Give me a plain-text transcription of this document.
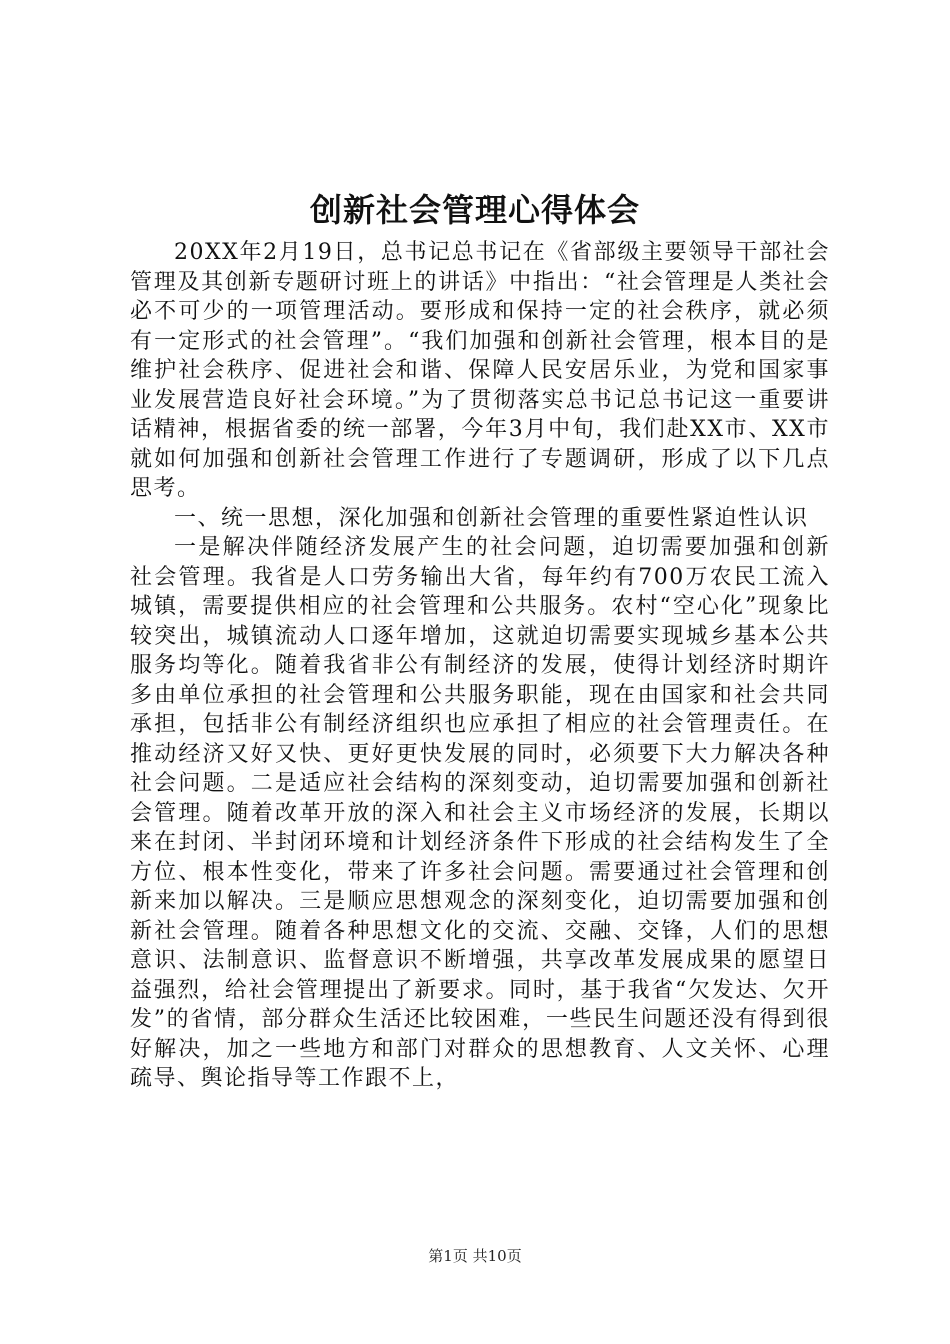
创新社会管理心得体会

20XX年2月19日，总书记总书记在《省部级主要领导干部社会管理及其创新专题研讨班上的讲话》中指出：“社会管理是人类社会必不可少的一项管理活动。要形成和保持一定的社会秩序，就必须有一定形式的社会管理”。“我们加强和创新社会管理，根本目的是维护社会秩序、促进社会和谐、保障人民安居乐业，为党和国家事业发展营造良好社会环境。”为了贯彻落实总书记总书记这一重要讲话精神，根据省委的统一部署，今年3月中旬，我们赴XX市、XX市就如何加强和创新社会管理工作进行了专题调研，形成了以下几点思考。

一、统一思想，深化加强和创新社会管理的重要性紧迫性认识

一是解决伴随经济发展产生的社会问题，迫切需要加强和创新社会管理。我省是人口劳务输出大省，每年约有700万农民工流入城镇，需要提供相应的社会管理和公共服务。农村“空心化”现象比较突出，城镇流动人口逐年增加，这就迫切需要实现城乡基本公共服务均等化。随着我省非公有制经济的发展，使得计划经济时期许多由单位承担的社会管理和公共服务职能，现在由国家和社会共同承担，包括非公有制经济组织也应承担了相应的社会管理责任。在推动经济又好又快、更好更快发展的同时，必须要下大力解决各种社会问题。二是适应社会结构的深刻变动，迫切需要加强和创新社会管理。随着改革开放的深入和社会主义市场经济的发展，长期以来在封闭、半封闭环境和计划经济条件下形成的社会结构发生了全方位、根本性变化，带来了许多社会问题。需要通过社会管理和创新来加以解决。三是顺应思想观念的深刻变化，迫切需要加强和创新社会管理。随着各种思想文化的交流、交融、交锋，人们的思想意识、法制意识、监督意识不断增强，共享改革发展成果的愿望日益强烈，给社会管理提出了新要求。同时，基于我省“欠发达、欠开发”的省情，部分群众生活还比较困难，一些民生问题还没有得到很好解决，加之一些地方和部门对群众的思想教育、人文关怀、心理疏导、舆论指导等工作跟不上，

第1页 共10页
